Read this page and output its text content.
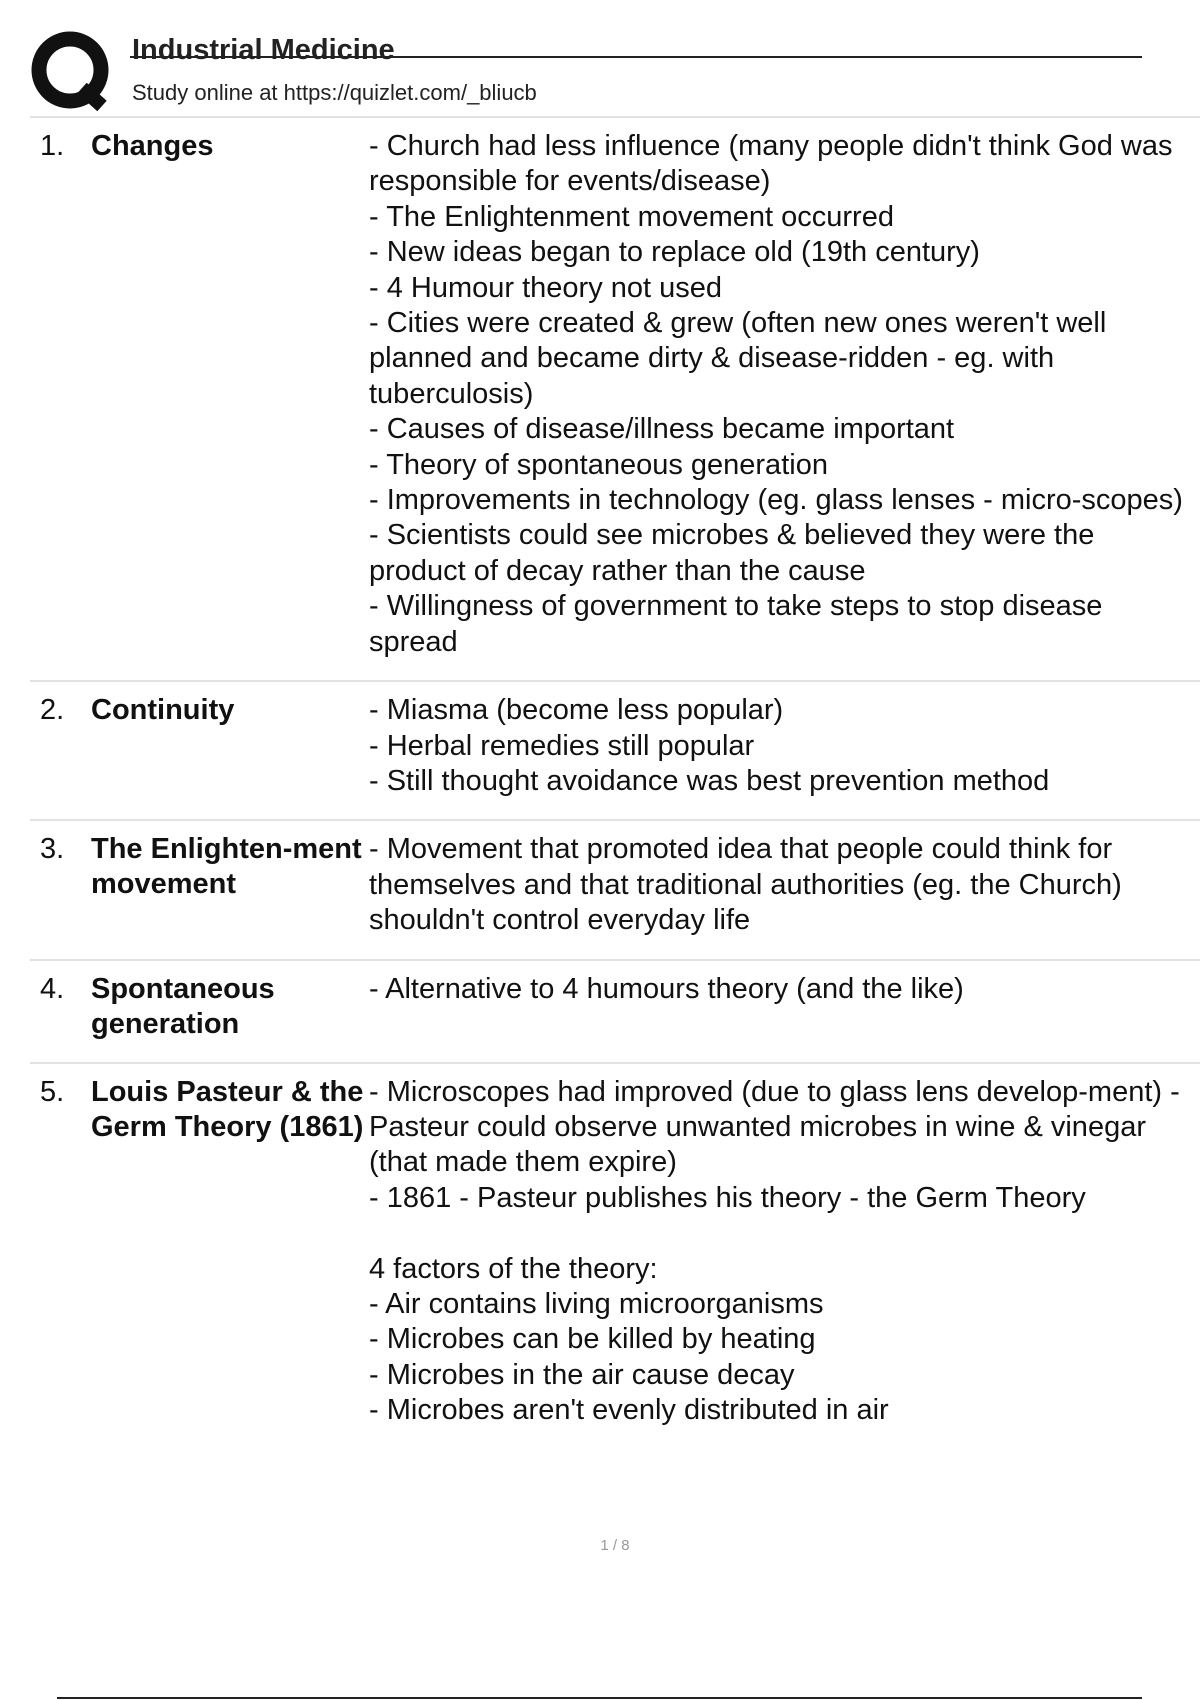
Industrial Medicine
Study online at https://quizlet.com/_bliucb
1. Changes	- Church had less influence (many people didn't think God was responsible for events/disease)
- The Enlightenment movement occurred
- New ideas began to replace old (19th century)
- 4 Humour theory not used
- Cities were created & grew (often new ones weren't well planned and became dirty & disease-ridden - eg. with tuberculosis)
- Causes of disease/illness became important
- Theory of spontaneous generation
- Improvements in technology (eg. glass lenses - micro-scopes)
- Scientists could see microbes & believed they were the product of decay rather than the cause
- Willingness of government to take steps to stop disease spread
2. Continuity	- Miasma (become less popular)
- Herbal remedies still popular
- Still thought avoidance was best prevention method
3. The Enlighten-ment movement
- Movement that promoted idea that people could think for themselves and that traditional authorities (eg. the Church) shouldn't control everyday life
4. Spontaneous generation
- Alternative to 4 humours theory (and the like)
5. Louis Pasteur & the Germ Theory (1861)
- Microscopes had improved (due to glass lens develop-ment) - Pasteur could observe unwanted microbes in wine & vinegar (that made them expire)
- 1861 - Pasteur publishes his theory - the Germ Theory

4 factors of the theory:
- Air contains living microorganisms
- Microbes can be killed by heating
- Microbes in the air cause decay
- Microbes aren't evenly distributed in air
1 / 8
